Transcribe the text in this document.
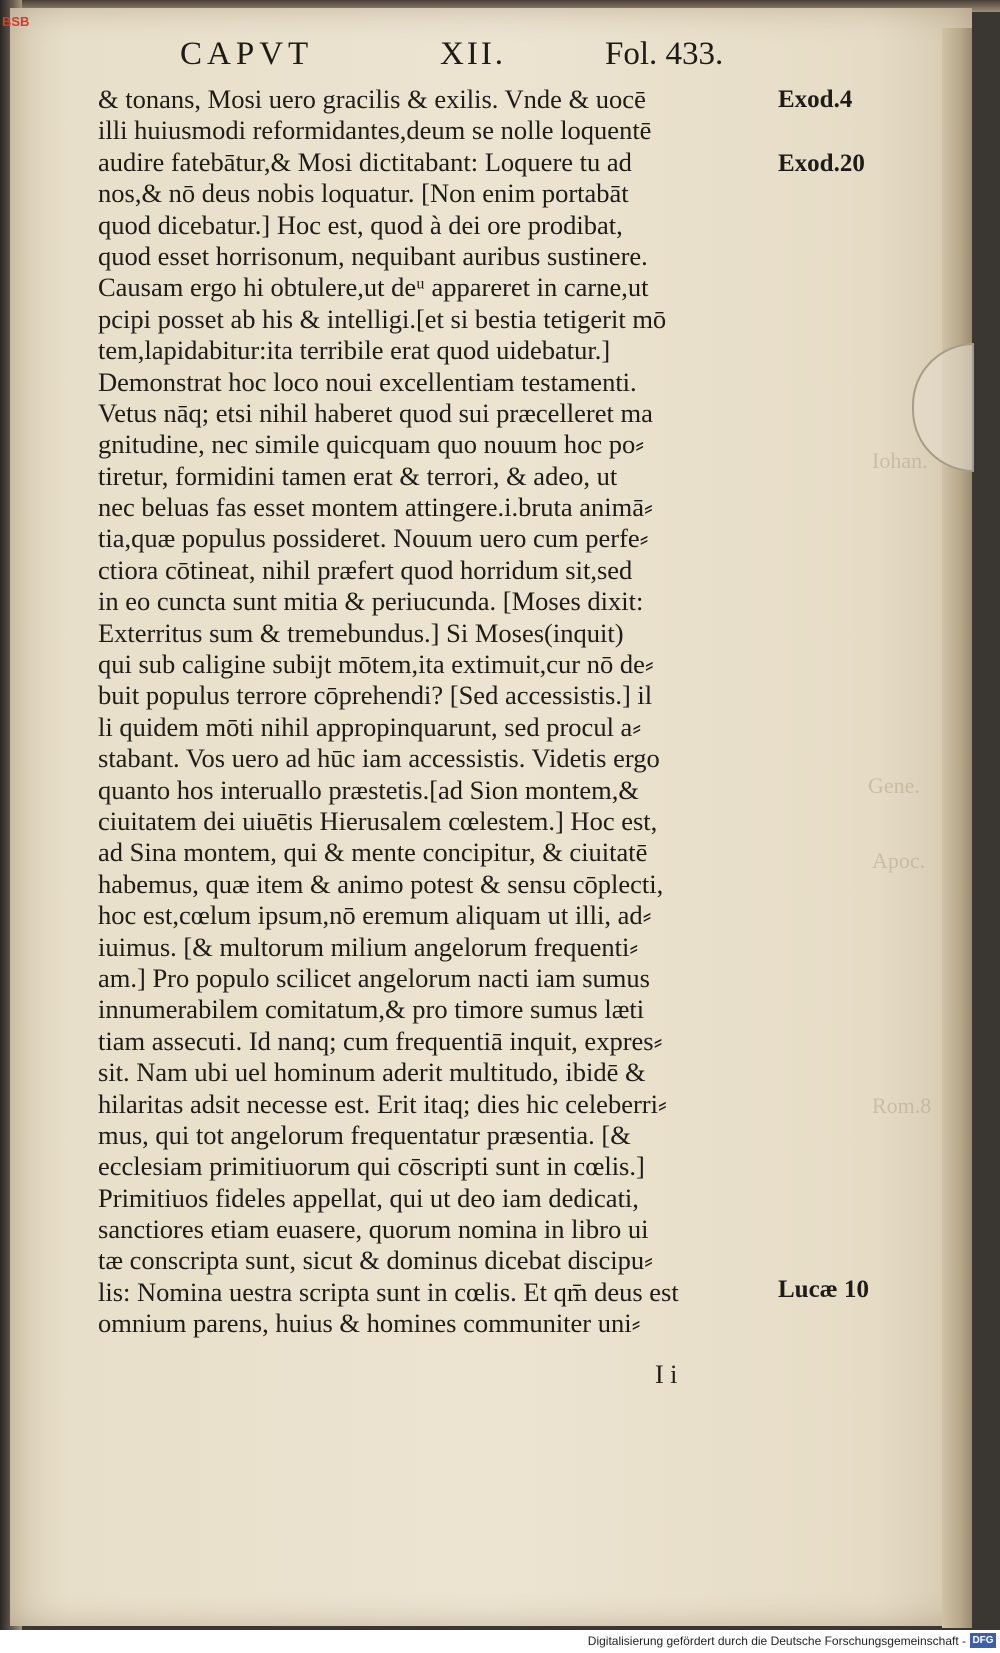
Iohan.
Gene.
Apoc.
Rom.8
CAPVT	XII.	Fol. 433.
& tonans, Mosi uero gracilis & exilis. Vnde & uocē
illi huiusmodi reformidantes,deum se nolle loquentē
audire fatebātur,& Mosi dictitabant: Loquere tu ad
nos,& nō deus nobis loquatur. [Non enim portabāt
quod dicebatur.] Hoc est, quod à dei ore prodibat,
quod esset horrisonum, nequibant auribus sustinere.
Causam ergo hi obtulere,ut deᵘ appareret in carne,ut
pcipi posset ab his & intelligi.[et si bestia tetigerit mō
tem,lapidabitur:ita terribile erat quod uidebatur.]
Demonstrat hoc loco noui excellentiam testamenti.
Vetus nāq; etsi nihil haberet quod sui præcelleret ma
gnitudine, nec simile quicquam quo nouum hoc po⸗
tiretur, formidini tamen erat & terrori, & adeo, ut
nec beluas fas esset montem attingere.i.bruta animā⸗
tia,quæ populus possideret. Nouum uero cum perfe⸗
ctiora cōtineat, nihil præfert quod horridum sit,sed
in eo cuncta sunt mitia & periucunda. [Moses dixit:
Exterritus sum & tremebundus.] Si Moses(inquit)
qui sub caligine subijt mōtem,ita extimuit,cur nō de⸗
buit populus terrore cōprehendi? [Sed accessistis.] il
li quidem mōti nihil appropinquarunt, sed procul a⸗
stabant. Vos uero ad hūc iam accessistis. Videtis ergo
quanto hos interuallo præstetis.[ad Sion montem,&
ciuitatem dei uiuētis Hierusalem cœlestem.] Hoc est,
ad Sina montem, qui & mente concipitur, & ciuitatē
habemus, quæ item & animo potest & sensu cōplecti,
hoc est,cœlum ipsum,nō eremum aliquam ut illi, ad⸗
iuimus. [& multorum milium angelorum frequenti⸗
am.] Pro populo scilicet angelorum nacti iam sumus
innumerabilem comitatum,& pro timore sumus læti
tiam assecuti. Id nanq; cum frequentiā inquit, expres⸗
sit. Nam ubi uel hominum aderit multitudo, ibidē &
hilaritas adsit necesse est. Erit itaq; dies hic celeberri⸗
mus, qui tot angelorum frequentatur præsentia. [&
ecclesiam primitiuorum qui cōscripti sunt in cœlis.]
Primitiuos fideles appellat, qui ut deo iam dedicati,
sanctiores etiam euasere, quorum nomina in libro ui
tæ conscripta sunt, sicut & dominus dicebat discipu⸗
lis: Nomina uestra scripta sunt in cœlis. Et qm̄ deus est
omnium parens, huius & homines communiter uni⸗
Exod.4
Exod.20
Lucæ 10
I i
BSB
Digitalisierung gefördert durch die Deutsche Forschungsgemeinschaft - DFG
